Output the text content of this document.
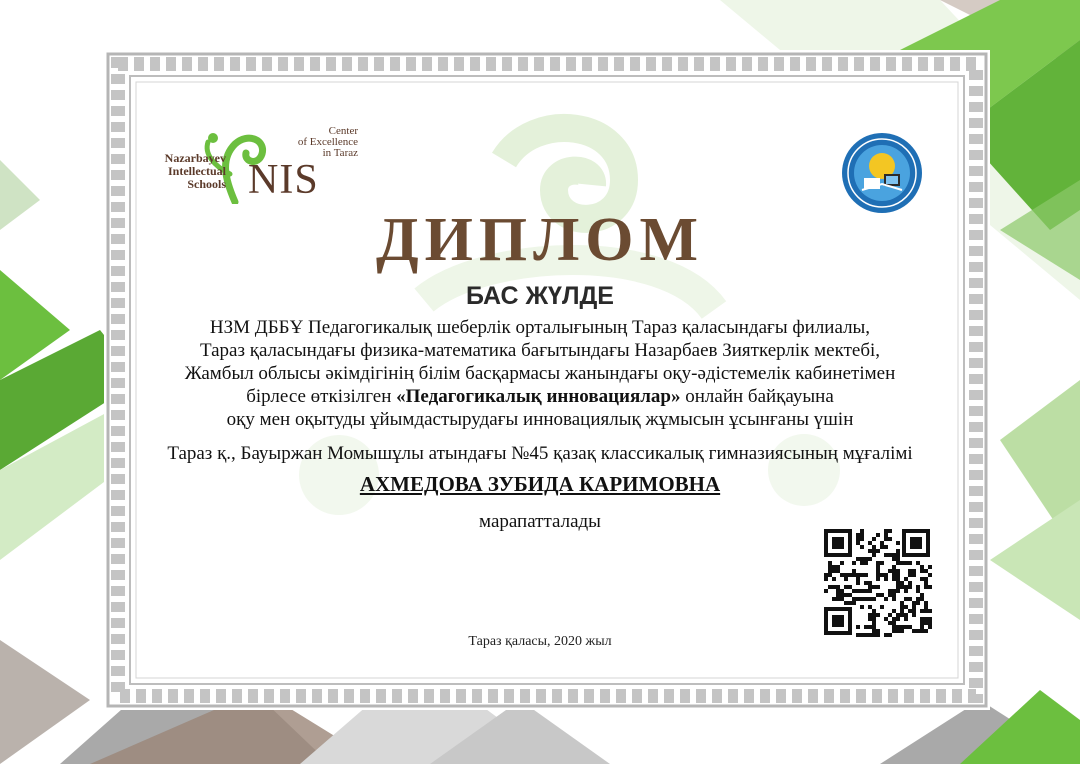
Nazarbayev
Intellectual
Schools
Center
of Excellence
in Taraz
NIS
ДИПЛОМ
БАС ЖҮЛДЕ
НЗМ ДББҰ Педагогикалық шеберлік орталығының Тараз қаласындағы филиалы,
Тараз қаласындағы физика-математика бағытындағы Назарбаев Зияткерлік мектебі,
Жамбыл облысы әкімдігінің білім басқармасы жанындағы оқу-әдістемелік кабинетімен
бірлесе өткізілген «Педагогикалық инновациялар» онлайн байқауына
оқу мен оқытуды ұйымдастырудағы инновациялық жұмысын ұсынғаны үшін
Тараз қ., Бауыржан Момышұлы атындағы №45 қазақ классикалық гимназиясының мұғалімі
АХМЕДОВА ЗУБИДА КАРИМОВНА
марапатталады
Тараз қаласы, 2020 жыл
